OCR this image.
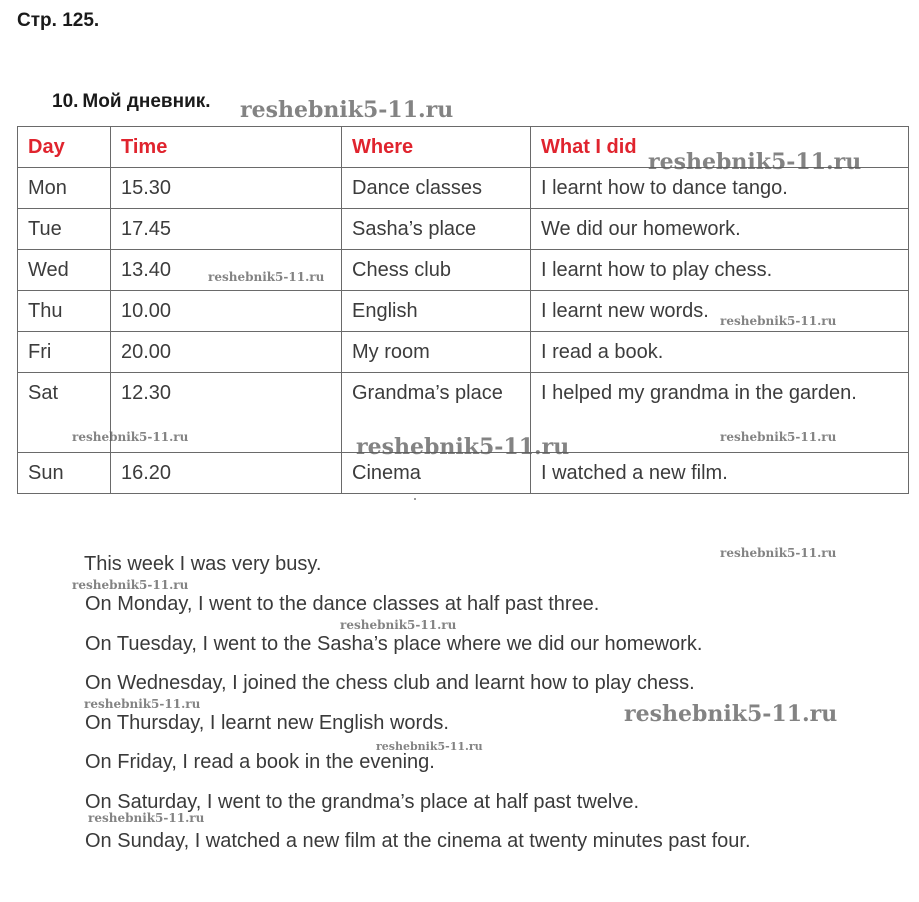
Стр. 125.
10. Мой дневник.
Day	Time	Where	What I did
Mon	15.30	Dance classes	I learnt how to dance tango.
Tue	17.45	Sasha’s place	We did our homework.
Wed	13.40	Chess club	I learnt how to play chess.
Thu	10.00	English	I learnt new words.
Fri	20.00	My room	I read a book.
Sat	12.30	Grandma’s place	I helped my grandma in the garden.
Sun	16.20	Cinema	I watched a new film.
This week I was very busy.
On Monday, I went to the dance classes at half past three.
On Tuesday, I went to the Sasha’s place where we did our homework.
On Wednesday, I joined the chess club and learnt how to play chess.
On Thursday, I learnt new English words.
On Friday, I read a book in the evening.
On Saturday, I went to the grandma’s place at half past twelve.
On Sunday, I watched a new film at the cinema at twenty minutes past four.
reshebnik5-11.ru
reshebnik5-11.ru
reshebnik5-11.ru
reshebnik5-11.ru
reshebnik5-11.ru	reshebnik5-11.ru	reshebnik5-11.ru
reshebnik5-11.ru
reshebnik5-11.ru
reshebnik5-11.ru
reshebnik5-11.ru	reshebnik5-11.ru
reshebnik5-11.ru
reshebnik5-11.ru
